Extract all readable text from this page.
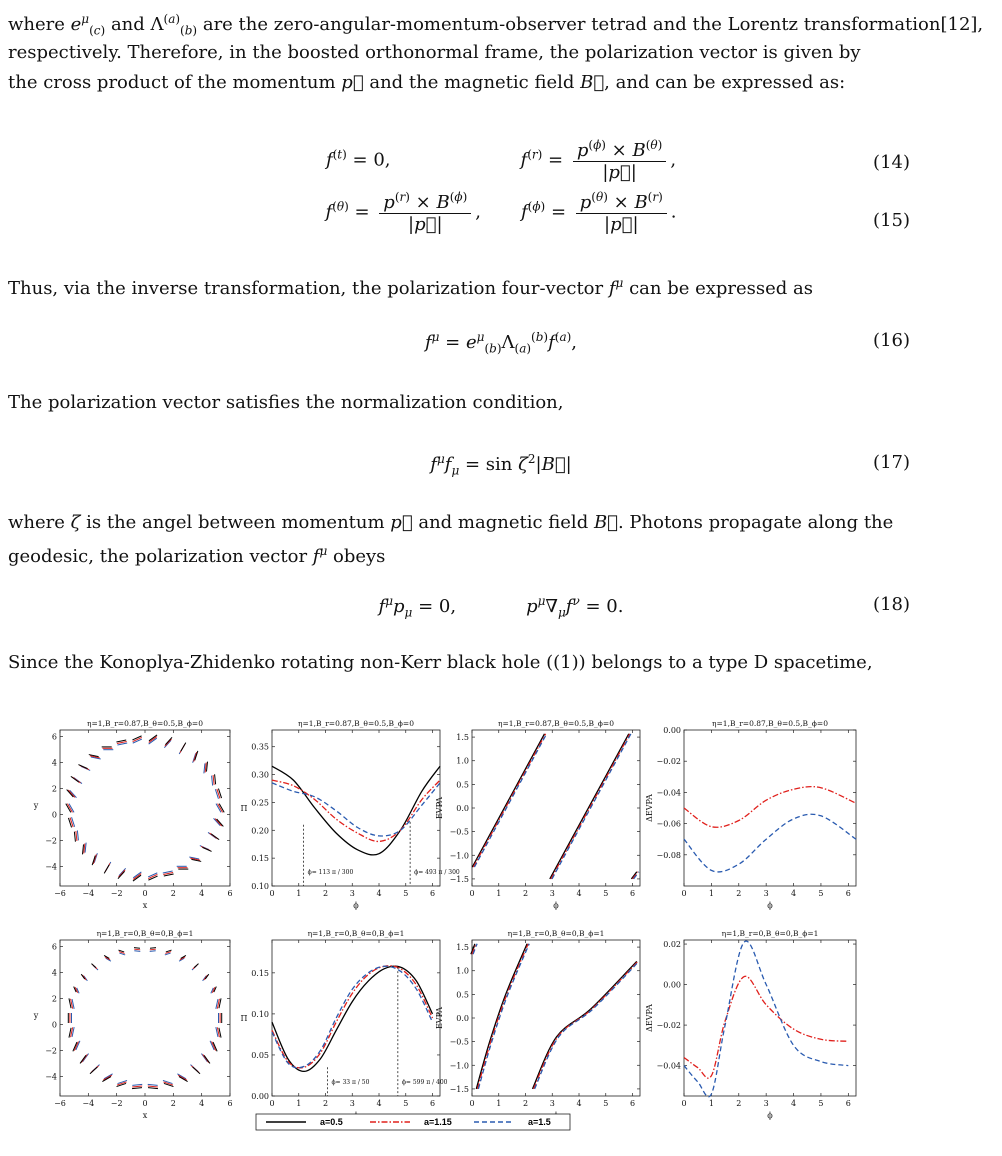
where $e^\mu_{(c)}$ and $\Lambda^{(a)}_{(b)}$ are the zero-angular-momentum-observer tetrad and the Lorentz transformation[12],

respectively. Therefore, in the boosted orthonormal frame, the polarization vector is given by

the cross product of the momentum p⃗ and the magnetic field B⃗, and can be expressed as:

$f^{(t)} = 0$,	$f^{(r)} = \frac{p^{(\phi)} \times B^{(\theta)}}{|p⃗|}$ ,	(14)
$f^{(\theta)} = \frac{p^{(r)} \times B^{(\phi)}}{|p⃗|}$ , $f^{(\phi)} = \frac{p^{(\theta)} \times B^{(r)}}{|p⃗|}$ .	(15)

Thus, via the inverse transformation, the polarization four-vector $f^\mu$ can be expressed as

$f^\mu = e^\mu_{(b)}\Lambda_{(a)}^{(b)}f^{(a)}$,	(16)

The polarization vector satisfies the normalization condition,

$f^\mu f_\mu = \sin$ $\zeta^2|B⃗|$	(17)

where ζ is the angel between momentum p⃗ and magnetic field B⃗. Photons propagate along the

geodesic, the polarization vector $f^\mu$ obeys

$f^\mu p_\mu = 0$,	$p^\mu\nabla_\mu f^\nu = 0$.	(18)

Since the Konoplya-Zhidenko rotating non-Kerr black hole ((1)) belongs to a type D spacetime,

η=1,B_r=0.87,B_θ=0.5,B_ϕ=0
−6 −4 −2 0	2	4	6
−4
−2
0
2
4
6
x
y
η=1,B_r=0.87,B_θ=0.5,B_ϕ=0
0	1	2	3	4	5	6
0.10
0.15
0.20
0.25
0.30
0.35
ϕ
Π
ϕ= 113 π / 300	ϕ= 493 π / 300
η=1,B_r=0.87,B_θ=0.5,B_ϕ=0
0	1	2	3	4	5	6
−1.5
−1.0
−0.5
0.0
0.5
1.0
1.5
ϕ
EVPA
η=1,B_r=0.87,B_θ=0.5,B_ϕ=0
0	1	2	3	4	5	6
−0.08
−0.06
−0.04
−0.02
0.00
ϕ
ΔEVPA
η=1,B_r=0,B_θ=0,B_ϕ=1
−6 −4 −2 0	2	4	6
−4
−2
0
2
4
6
x
y
η=1,B_r=0,B_θ=0,B_ϕ=1
0	1	2	3	4	5	6
0.00
0.05
0.10
0.15
Π
ϕ= 33 π / 50	ϕ= 599 π / 400
η=1,B_r=0,B_θ=0,B_ϕ=1
0	1	2	3	4	5	6
−1.5
−1.0
−0.5
0.0
0.5
1.0
1.5
EVPA
η=1,B_r=0,B_θ=0,B_ϕ=1
0	1	2	3	4	5	6
−0.04
−0.02
0.00
0.02
ϕ
ΔEVPA
a=0.5	a=1.15	a=1.5
